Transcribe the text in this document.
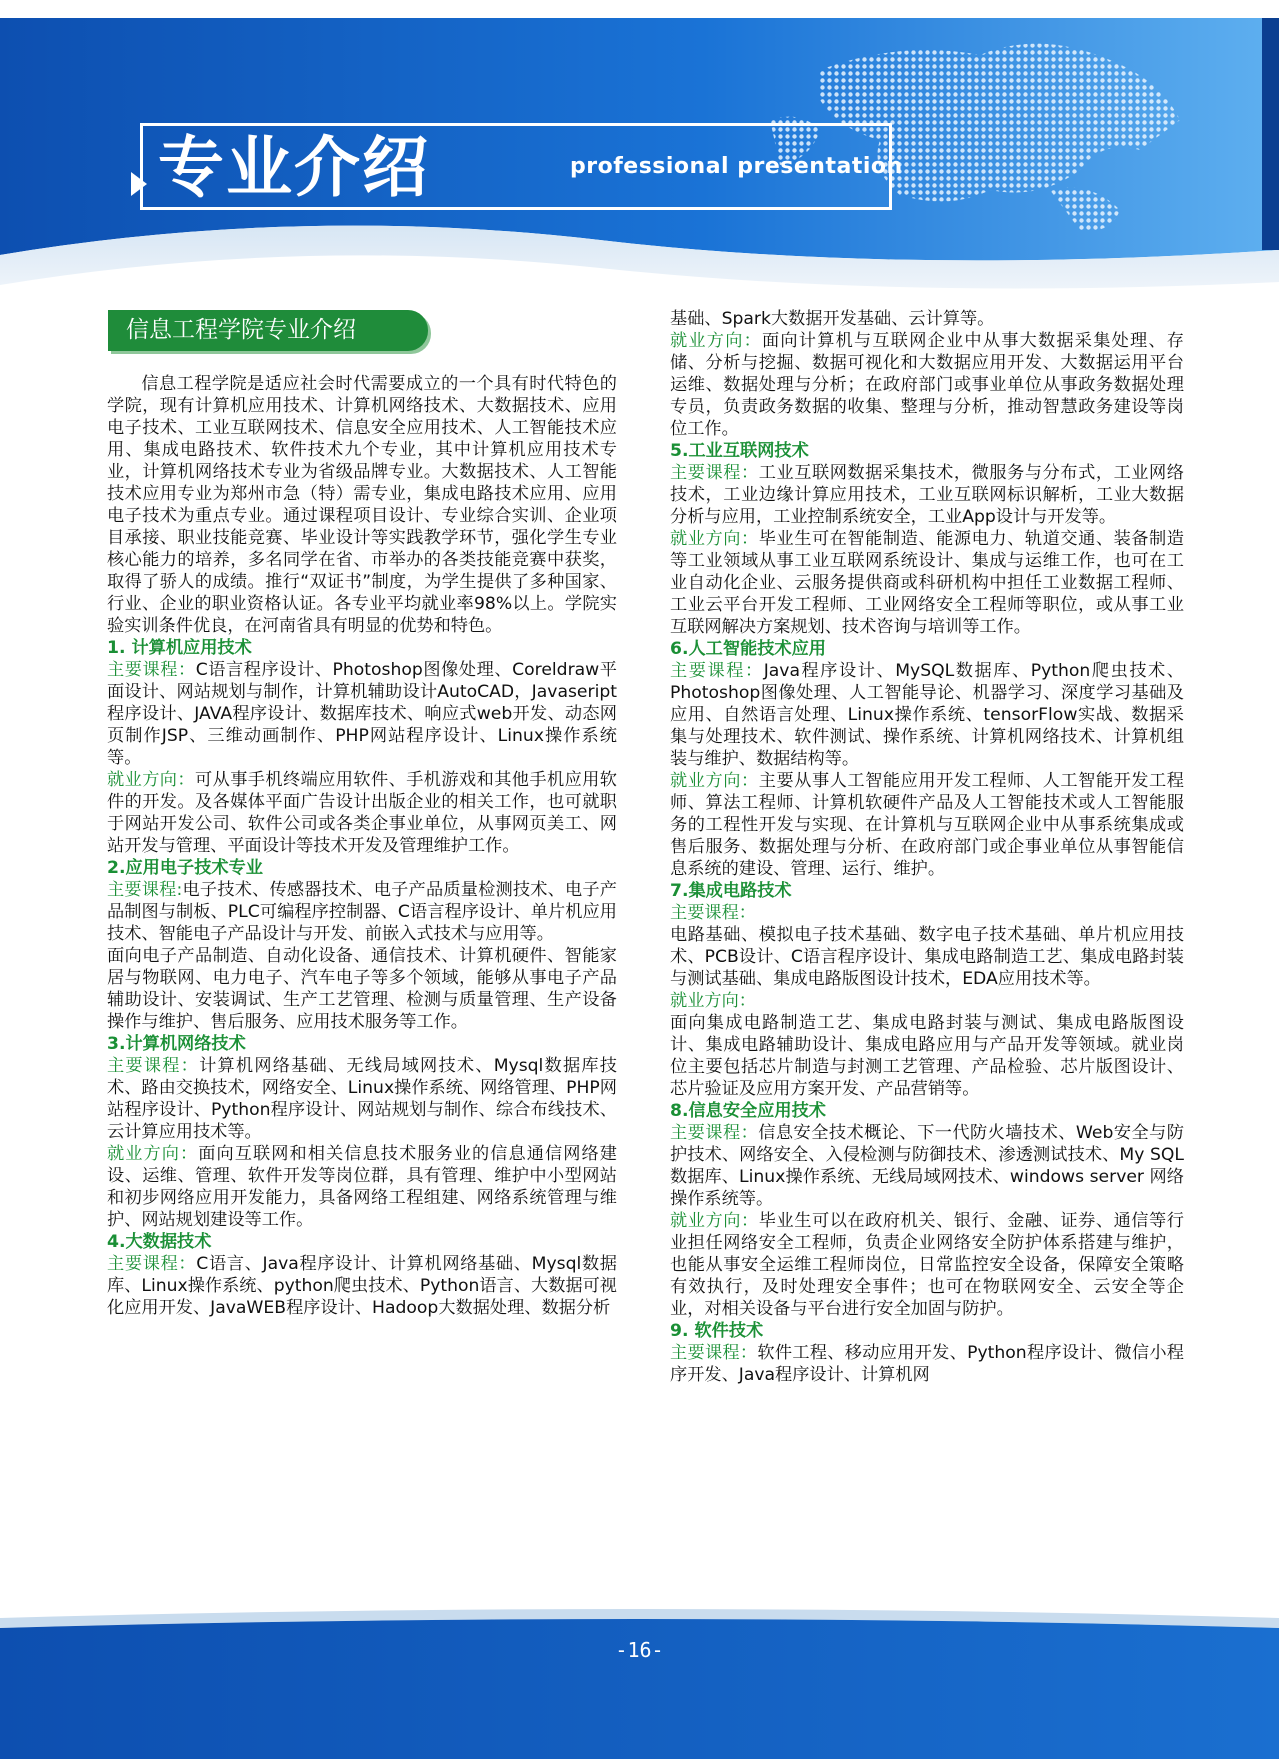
专业介绍	professional presentation
信息工程学院专业介绍

信息工程学院是适应社会时代需要成立的一个具有时代特色的学院，现有计算机应用技术、计算机网络技术、大数据技术、应用电子技术、工业互联网技术、信息安全应用技术、人工智能技术应用、集成电路技术、软件技术九个专业，其中计算机应用技术专业，计算机网络技术专业为省级品牌专业。大数据技术、人工智能技术应用专业为郑州市急（特）需专业，集成电路技术应用、应用电子技术为重点专业。通过课程项目设计、专业综合实训、企业项目承接、职业技能竞赛、毕业设计等实践教学环节，强化学生专业核心能力的培养，多名同学在省、市举办的各类技能竞赛中获奖，取得了骄人的成绩。推行“双证书”制度，为学生提供了多种国家、行业、企业的职业资格认证。各专业平均就业率98%以上。学院实验实训条件优良，在河南省具有明显的优势和特色。

1. 计算机应用技术

主要课程：C语言程序设计、Photoshop图像处理、Coreldraw平面设计、网站规划与制作，计算机辅助设计AutoCAD，Javaseript程序设计、JAVA程序设计、数据库技术、响应式web开发、动态网页制作JSP、三维动画制作、PHP网站程序设计、Linux操作系统等。

就业方向：可从事手机终端应用软件、手机游戏和其他手机应用软件的开发。及各媒体平面广告设计出版企业的相关工作，也可就职于网站开发公司、软件公司或各类企事业单位，从事网页美工、网站开发与管理、平面设计等技术开发及管理维护工作。

2.应用电子技术专业

主要课程:电子技术、传感器技术、电子产品质量检测技术、电子产品制图与制板、PLC可编程序控制器、C语言程序设计、单片机应用技术、智能电子产品设计与开发、前嵌入式技术与应用等。

面向电子产品制造、自动化设备、通信技术、计算机硬件、智能家居与物联网、电力电子、汽车电子等多个领域，能够从事电子产品辅助设计、安装调试、生产工艺管理、检测与质量管理、生产设备操作与维护、售后服务、应用技术服务等工作。

3.计算机网络技术

主要课程：计算机网络基础、无线局域网技术、Mysql数据库技术、路由交换技术，网络安全、Linux操作系统、网络管理、PHP网站程序设计、Python程序设计、网站规划与制作、综合布线技术、云计算应用技术等。

就业方向：面向互联网和相关信息技术服务业的信息通信网络建设、运维、管理、软件开发等岗位群，具有管理、维护中小型网站和初步网络应用开发能力，具备网络工程组建、网络系统管理与维护、网站规划建设等工作。

4.大数据技术

主要课程：C语言、Java程序设计、计算机网络基础、Mysql数据库、Linux操作系统、python爬虫技术、Python语言、大数据可视化应用开发、JavaWEB程序设计、Hadoop大数据处理、数据分析

基础、Spark大数据开发基础、云计算等。

就业方向：面向计算机与互联网企业中从事大数据采集处理、存储、分析与挖掘、数据可视化和大数据应用开发、大数据运用平台运维、数据处理与分析；在政府部门或事业单位从事政务数据处理专员，负责政务数据的收集、整理与分析，推动智慧政务建设等岗位工作。

5.工业互联网技术

主要课程：工业互联网数据采集技术，微服务与分布式，工业网络技术，工业边缘计算应用技术，工业互联网标识解析，工业大数据分析与应用，工业控制系统安全，工业App设计与开发等。

就业方向：毕业生可在智能制造、能源电力、轨道交通、装备制造等工业领域从事工业互联网系统设计、集成与运维工作，也可在工业自动化企业、云服务提供商或科研机构中担任工业数据工程师、工业云平台开发工程师、工业网络安全工程师等职位，或从事工业互联网解决方案规划、技术咨询与培训等工作。

6.人工智能技术应用

主要课程：Java程序设计、MySQL数据库、Python爬虫技术、Photoshop图像处理、人工智能导论、机器学习、深度学习基础及应用、自然语言处理、Linux操作系统、tensorFlow实战、数据采集与处理技术、软件测试、操作系统、计算机网络技术、计算机组装与维护、数据结构等。

就业方向：主要从事人工智能应用开发工程师、人工智能开发工程师、算法工程师、计算机软硬件产品及人工智能技术或人工智能服务的工程性开发与实现、在计算机与互联网企业中从事系统集成或售后服务、数据处理与分析、在政府部门或企事业单位从事智能信息系统的建设、管理、运行、维护。

7.集成电路技术

主要课程：

电路基础、模拟电子技术基础、数字电子技术基础、单片机应用技术、PCB设计、C语言程序设计、集成电路制造工艺、集成电路封装与测试基础、集成电路版图设计技术，EDA应用技术等。

就业方向：

面向集成电路制造工艺、集成电路封装与测试、集成电路版图设计、集成电路辅助设计、集成电路应用与产品开发等领域。就业岗位主要包括芯片制造与封测工艺管理、产品检验、芯片版图设计、芯片验证及应用方案开发、产品营销等。

8.信息安全应用技术

主要课程：信息安全技术概论、下一代防火墙技术、Web安全与防护技术、网络安全、入侵检测与防御技术、渗透测试技术、My SQL数据库、Linux操作系统、无线局域网技术、windows server 网络操作系统等。

就业方向：毕业生可以在政府机关、银行、金融、证券、通信等行业担任网络安全工程师，负责企业网络安全防护体系搭建与维护，也能从事安全运维工程师岗位，日常监控安全设备，保障安全策略有效执行，及时处理安全事件；也可在物联网安全、云安全等企业，对相关设备与平台进行安全加固与防护。

9. 软件技术

主要课程：软件工程、移动应用开发、Python程序设计、微信小程序开发、Java程序设计、计算机网

-16-
